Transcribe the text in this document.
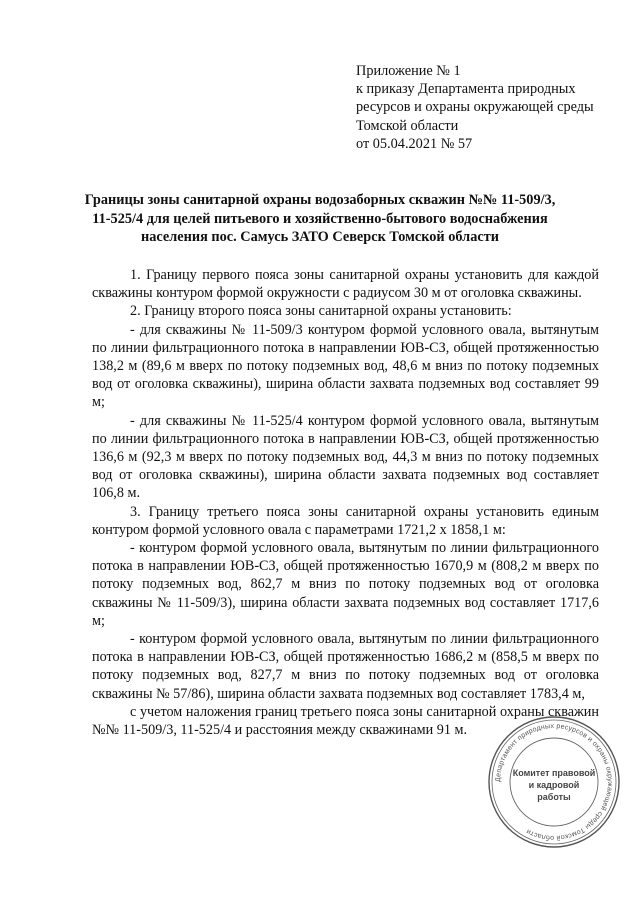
Приложение № 1
к приказу Департамента природных
ресурсов и охраны окружающей среды
Томской области
от 05.04.2021 № 57
Границы зоны санитарной охраны водозаборных скважин №№ 11-509/3,
11-525/4 для целей питьевого и хозяйственно-бытового водоснабжения
населения пос. Самусь ЗАТО Северск Томской области

1. Границу первого пояса зоны санитарной охраны установить для каждой скважины контуром формой окружности с радиусом 30 м от оголовка скважины.

2. Границу второго пояса зоны санитарной охраны установить:

- для скважины № 11-509/3 контуром формой условного овала, вытянутым по линии фильтрационного потока в направлении ЮВ-СЗ, общей протяженностью 138,2 м (89,6 м вверх по потоку подземных вод, 48,6 м вниз по потоку подземных вод от оголовка скважины), ширина области захвата подземных вод составляет 99 м;

- для скважины № 11-525/4 контуром формой условного овала, вытянутым по линии фильтрационного потока в направлении ЮВ-СЗ, общей протяженностью 136,6 м (92,3 м вверх по потоку подземных вод, 44,3 м вниз по потоку подземных вод от оголовка скважины), ширина области захвата подземных вод составляет 106,8 м.

3. Границу третьего пояса зоны санитарной охраны установить единым контуром формой условного овала с параметрами 1721,2 х 1858,1 м:

- контуром формой условного овала, вытянутым по линии фильтрационного потока в направлении ЮВ-СЗ, общей протяженностью 1670,9 м (808,2 м вверх по потоку подземных вод, 862,7 м вниз по потоку подземных вод от оголовка скважины № 11-509/3), ширина области захвата подземных вод составляет 1717,6 м;

- контуром формой условного овала, вытянутым по линии фильтрационного потока в направлении ЮВ-СЗ, общей протяженностью 1686,2 м (858,5 м вверх по потоку подземных вод, 827,7 м вниз по потоку подземных вод от оголовка скважины № 57/86), ширина области захвата подземных вод составляет 1783,4 м,

с учетом наложения границ третьего пояса зоны санитарной охраны скважин №№ 11-509/3, 11-525/4 и расстояния между скважинами 91 м.

Департамент природных ресурсов и охраны окружающей среды Томской области
Комитет правовой
и кадровой
работы
